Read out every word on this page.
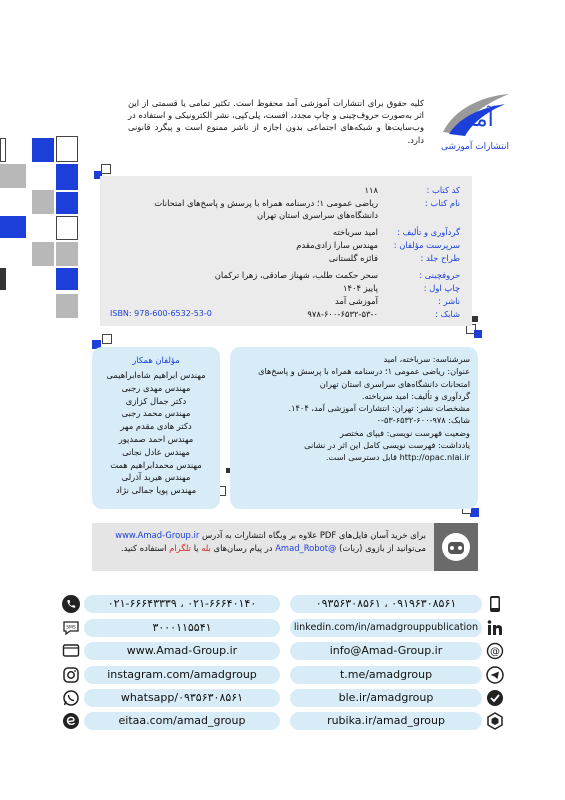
آمد
انتشارات آموزشی
کلیه حقوق برای انتشارات آموزشی آمد محفوظ است. تکثیر تمامی یا قسمتی از این اثر به‌صورت حروف‌چینی و چاپ مجدد، افست، پلی‌کپی، نشر الکترونیکی و استفاده در وب‌سایت‌ها و شبکه‌های اجتماعی بدون اجازه از ناشر ممنوع است و پیگرد قانونی دارد.
کد کتاب :۱۱۸
نام کتاب :ریاضی عمومی ۱؛ درسنامه همراه با پرسش و پاسخ‌های امتحانات
دانشگاه‌های سراسری استان تهران
گردآوری و تألیف :امید سرباخته
سرپرست مؤلفان :مهندس سارا زادی‌مقدم
طراح جلد :فائزه گلستانی
حروفچینی :سحر حکمت طلب، شهناز صادقی، زهرا ترکمان
چاپ اول :پاییز ۱۴۰۴
ناشر :آموزشی آمد
شابک :۹۷۸-۶۰۰-۶۵۳۲-۵۳-۰
ISBN: 978-600-6532-53-0
مؤلفان همکار
مهندس ابراهیم شاه‌ابراهیمی
مهندس مهدی رجبی
دکتر جمال کزازی
مهندس محمد رجبی
دکتر هادی مقدم مهر
مهندس احمد صمدپور
مهندس عادل نجاتی
مهندس محمدابراهیم همت
مهندس هیربد آذرلی
مهندس پویا جمالی نژاد
سرشناسه: سرباخته، امید
عنوان: ریاضی عمومی ۱؛ درسنامه همراه با پرسش و پاسخ‌های امتحانات دانشگاه‌های سراسری استان تهران
گردآوری و تألیف: امید سرباخته.
مشخصات نشر: تهران: انتشارات آموزشی آمد، ۱۴۰۴.
شابک: ۹۷۸-۶۰۰-۶۵۳۲-۵۳-۰
وضعیت فهرست نویسی: فیپای مختصر
یادداشت: فهرست نویسی کامل این اثر در نشانی
http://opac.nlai.ir قابل دسترسی است.
برای خرید آسان فایل‌های PDF علاوه بر وبگاه انتشارات به آدرس www.Amad-Group.ir
می‌توانید از بازوی (ربات) @Amad_Robot در پیام رسان‌های بله یا تلگرام استفاده کنید.
۰۲۱-۶۶۶۴۳۳۳۹ ، ۰۲۱-۶۶۶۴۰۱۴۰
SMS	۳۰۰۰۱۱۵۵۴۱
www.Amad-Group.ir
instagram.com/amadgroup
whatsapp/۰۹۳۵۶۳۰۸۵۶۱
eitaa.com/amad_group
۰۹۳۵۶۳۰۸۵۶۱ ، ۰۹۱۹۶۳۰۸۵۶۱
linkedin.com/in/amadgrouppublication
info@Amad-Group.ir	@
t.me/amadgroup
ble.ir/amadgroup
rubika.ir/amad_group
